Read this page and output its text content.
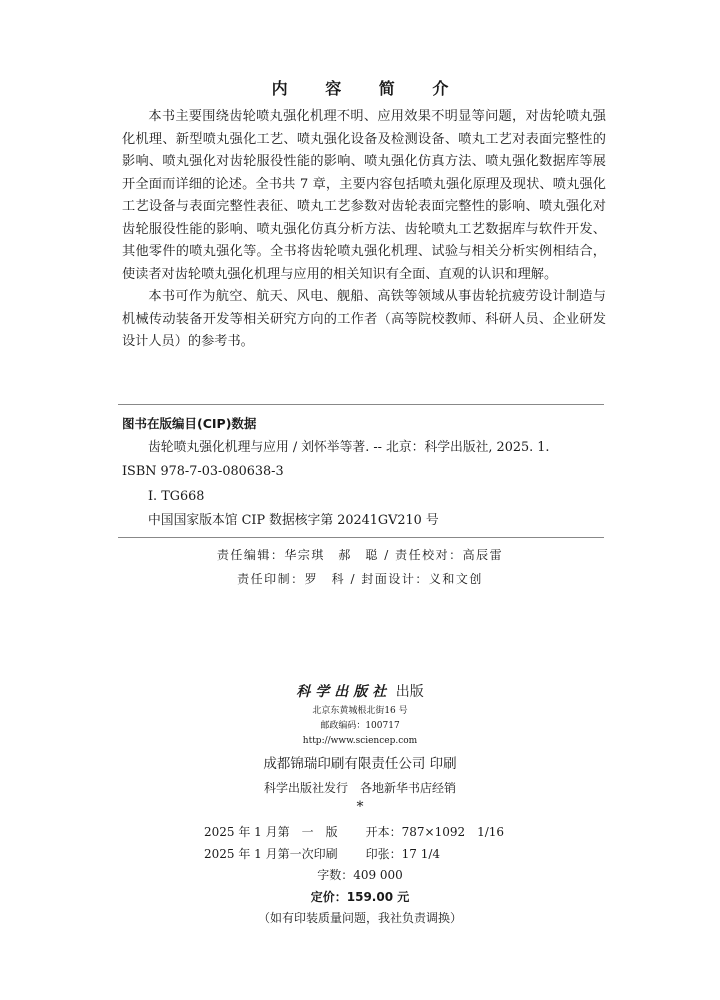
内 容 简 介

本书主要围绕齿轮喷丸强化机理不明、应用效果不明显等问题，对齿轮喷丸强化机理、新型喷丸强化工艺、喷丸强化设备及检测设备、喷丸工艺对表面完整性的影响、喷丸强化对齿轮服役性能的影响、喷丸强化仿真方法、喷丸强化数据库等展开全面而详细的论述。全书共 7 章，主要内容包括喷丸强化原理及现状、喷丸强化工艺设备与表面完整性表征、喷丸工艺参数对齿轮表面完整性的影响、喷丸强化对齿轮服役性能的影响、喷丸强化仿真分析方法、齿轮喷丸工艺数据库与软件开发、其他零件的喷丸强化等。全书将齿轮喷丸强化机理、试验与相关分析实例相结合，使读者对齿轮喷丸强化机理与应用的相关知识有全面、直观的认识和理解。

本书可作为航空、航天、风电、舰船、高铁等领域从事齿轮抗疲劳设计制造与机械传动装备开发等相关研究方向的工作者（高等院校教师、科研人员、企业研发设计人员）的参考书。

图书在版编目(CIP)数据
齿轮喷丸强化机理与应用 / 刘怀举等著. -- 北京：科学出版社, 2025. 1.
ISBN 978-7-03-080638-3
Ⅰ. TG668
中国国家版本馆 CIP 数据核字第 20241GV210 号
责任编辑：华宗琪　郝　聪 / 责任校对：高辰雷
责任印制：罗　科 / 封面设计：义和文创
科学出版社 出版
北京东黄城根北街16 号
邮政编码：100717
http://www.sciencep.com
成都锦瑞印刷有限责任公司 印刷
科学出版社发行　各地新华书店经销
*
2025 年 1 月第　一　版 开本：787×1092　1/16
2025 年 1 月第一次印刷 印张：17 1/4
字数：409 000
定价：159.00 元
（如有印装质量问题，我社负责调换）
